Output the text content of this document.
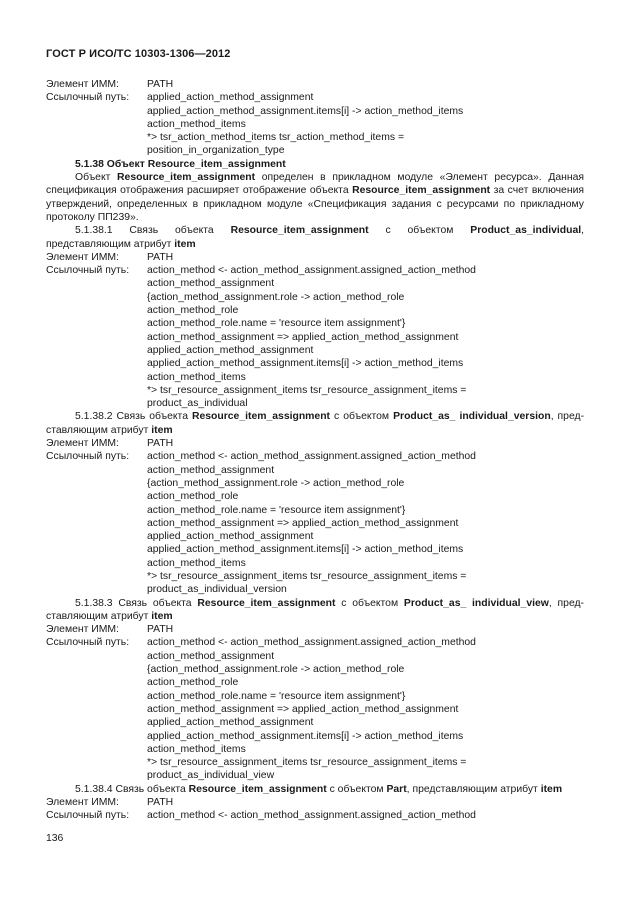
ГОСТ Р ИСО/ТС 10303-1306—2012
Элемент ИММ:	PATH
Ссылочный путь:	applied_action_method_assignment
applied_action_method_assignment.items[i] -> action_method_items
action_method_items
*> tsr_action_method_items tsr_action_method_items =
position_in_organization_type
5.1.38 Объект Resource_item_assignment
Объект Resource_item_assignment определен в прикладном модуле «Элемент ресурса». Данная спецификация отображения расширяет отображение объекта Resource_item_assignment за счет включения утверждений, определенных в прикладном модуле «Спецификация задания с ресурсами по прикладному протоколу ПП239».
5.1.38.1 Связь объекта Resource_item_assignment с объектом Product_as_individual, представляющим атрибут item
Элемент ИММ:	PATH
Ссылочный путь:	action_method <- action_method_assignment.assigned_action_method
action_method_assignment
{action_method_assignment.role -> action_method_role
action_method_role
action_method_role.name = 'resource item assignment'}
action_method_assignment => applied_action_method_assignment
applied_action_method_assignment
applied_action_method_assignment.items[i] -> action_method_items
action_method_items
*> tsr_resource_assignment_items tsr_resource_assignment_items =
product_as_individual
5.1.38.2 Связь объекта Resource_item_assignment с объектом Product_as_ individual_version, пред- ставляющим атрибут item
Элемент ИММ:	PATH
Ссылочный путь:	action_method <- action_method_assignment.assigned_action_method
action_method_assignment
{action_method_assignment.role -> action_method_role
action_method_role
action_method_role.name = 'resource item assignment'}
action_method_assignment => applied_action_method_assignment
applied_action_method_assignment
applied_action_method_assignment.items[i] -> action_method_items
action_method_items
*> tsr_resource_assignment_items tsr_resource_assignment_items =
product_as_individual_version
5.1.38.3 Связь объекта Resource_item_assignment с объектом Product_as_ individual_view, пред- ставляющим атрибут item
Элемент ИММ:	PATH
Ссылочный путь:	action_method <- action_method_assignment.assigned_action_method
action_method_assignment
{action_method_assignment.role -> action_method_role
action_method_role
action_method_role.name = 'resource item assignment'}
action_method_assignment => applied_action_method_assignment
applied_action_method_assignment
applied_action_method_assignment.items[i] -> action_method_items
action_method_items
*> tsr_resource_assignment_items tsr_resource_assignment_items =
product_as_individual_view
5.1.38.4 Связь объекта Resource_item_assignment с объектом Part, представляющим атрибут item
Элемент ИММ:	PATH
Ссылочный путь:	action_method <- action_method_assignment.assigned_action_method
136
